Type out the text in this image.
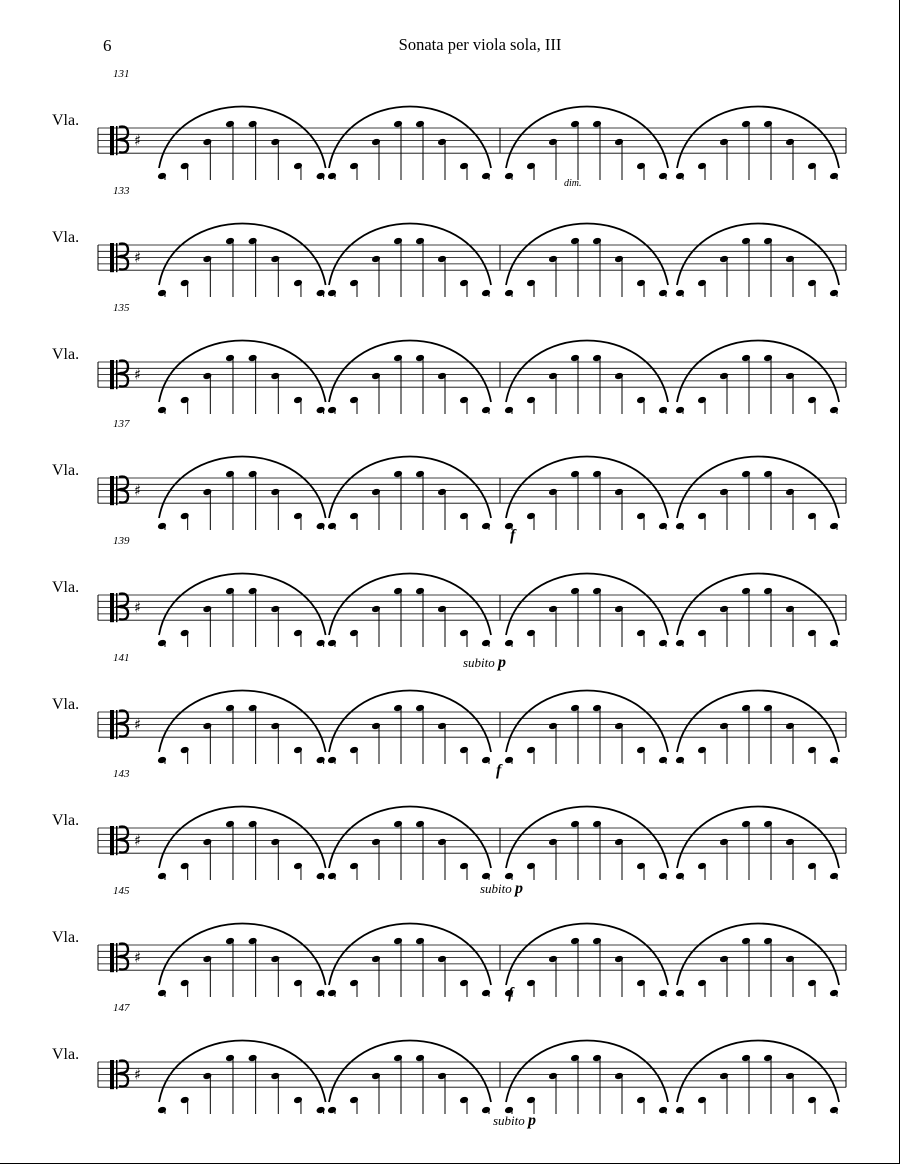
6	Sonata per viola sola, III
131
Vla.
♯
133
Vla.
♯
135
Vla.
♯
137
Vla.
♯
139
Vla.
♯
141
Vla.
♯
143
Vla.
♯
145
Vla.
♯
147
Vla.
♯
dim.
f
subito p
f
subito p
f
subito p
